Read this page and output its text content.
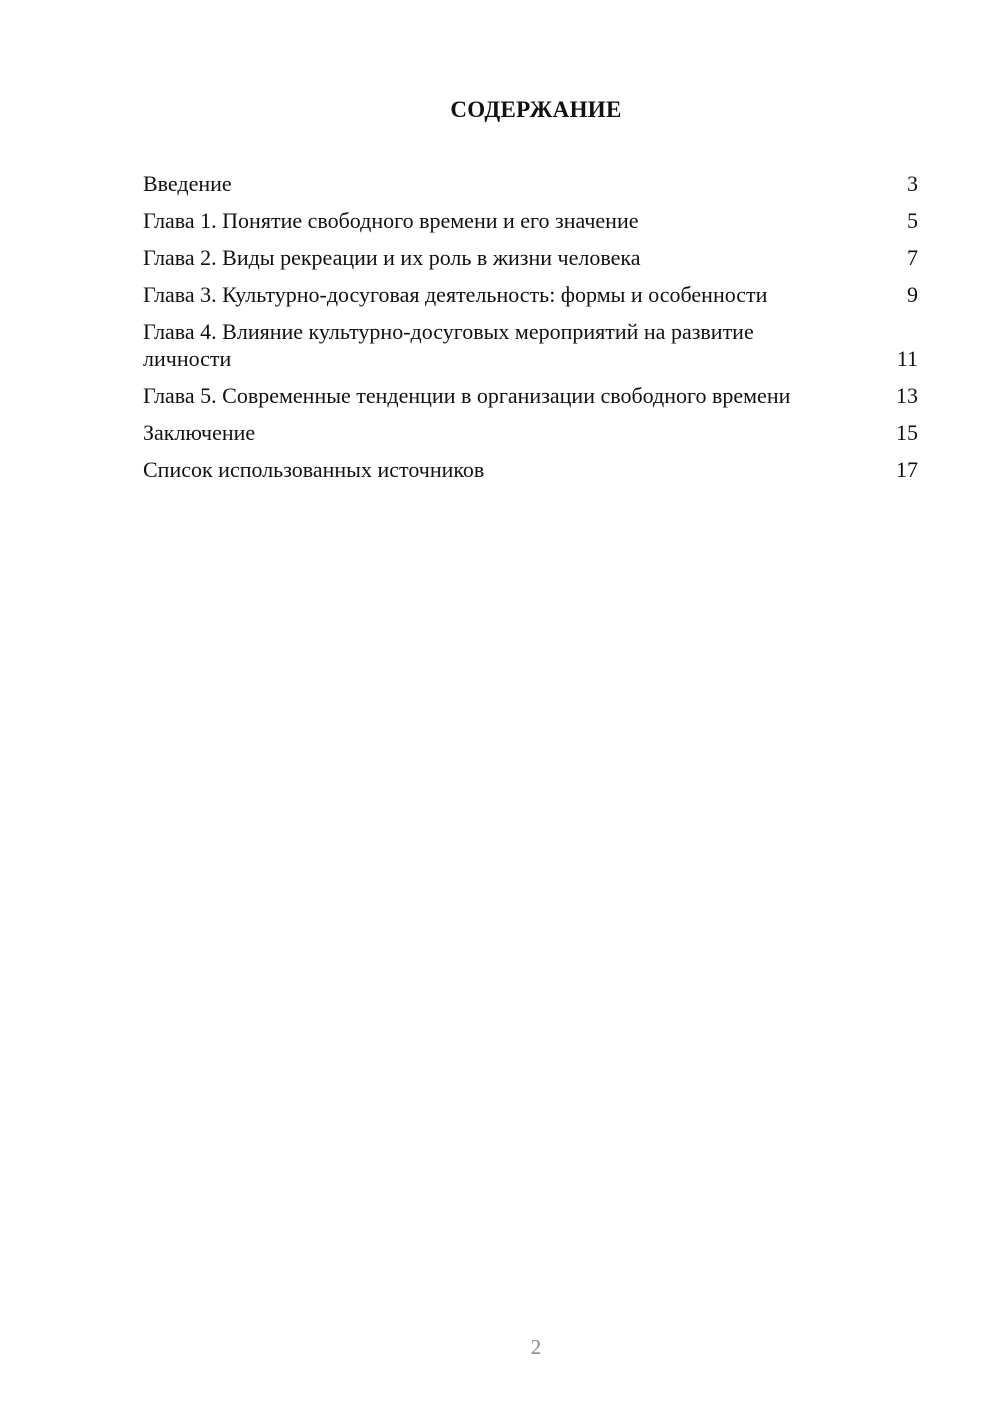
СОДЕРЖАНИЕ
Введение	3
Глава 1. Понятие свободного времени и его значение	5
Глава 2. Виды рекреации и их роль в жизни человека	7
Глава 3. Культурно-досуговая деятельность: формы и особенности	9
Глава 4. Влияние культурно-досуговых мероприятий на развитие личности	11
Глава 5. Современные тенденции в организации свободного времени	13
Заключение	15
Список использованных источников	17
2
